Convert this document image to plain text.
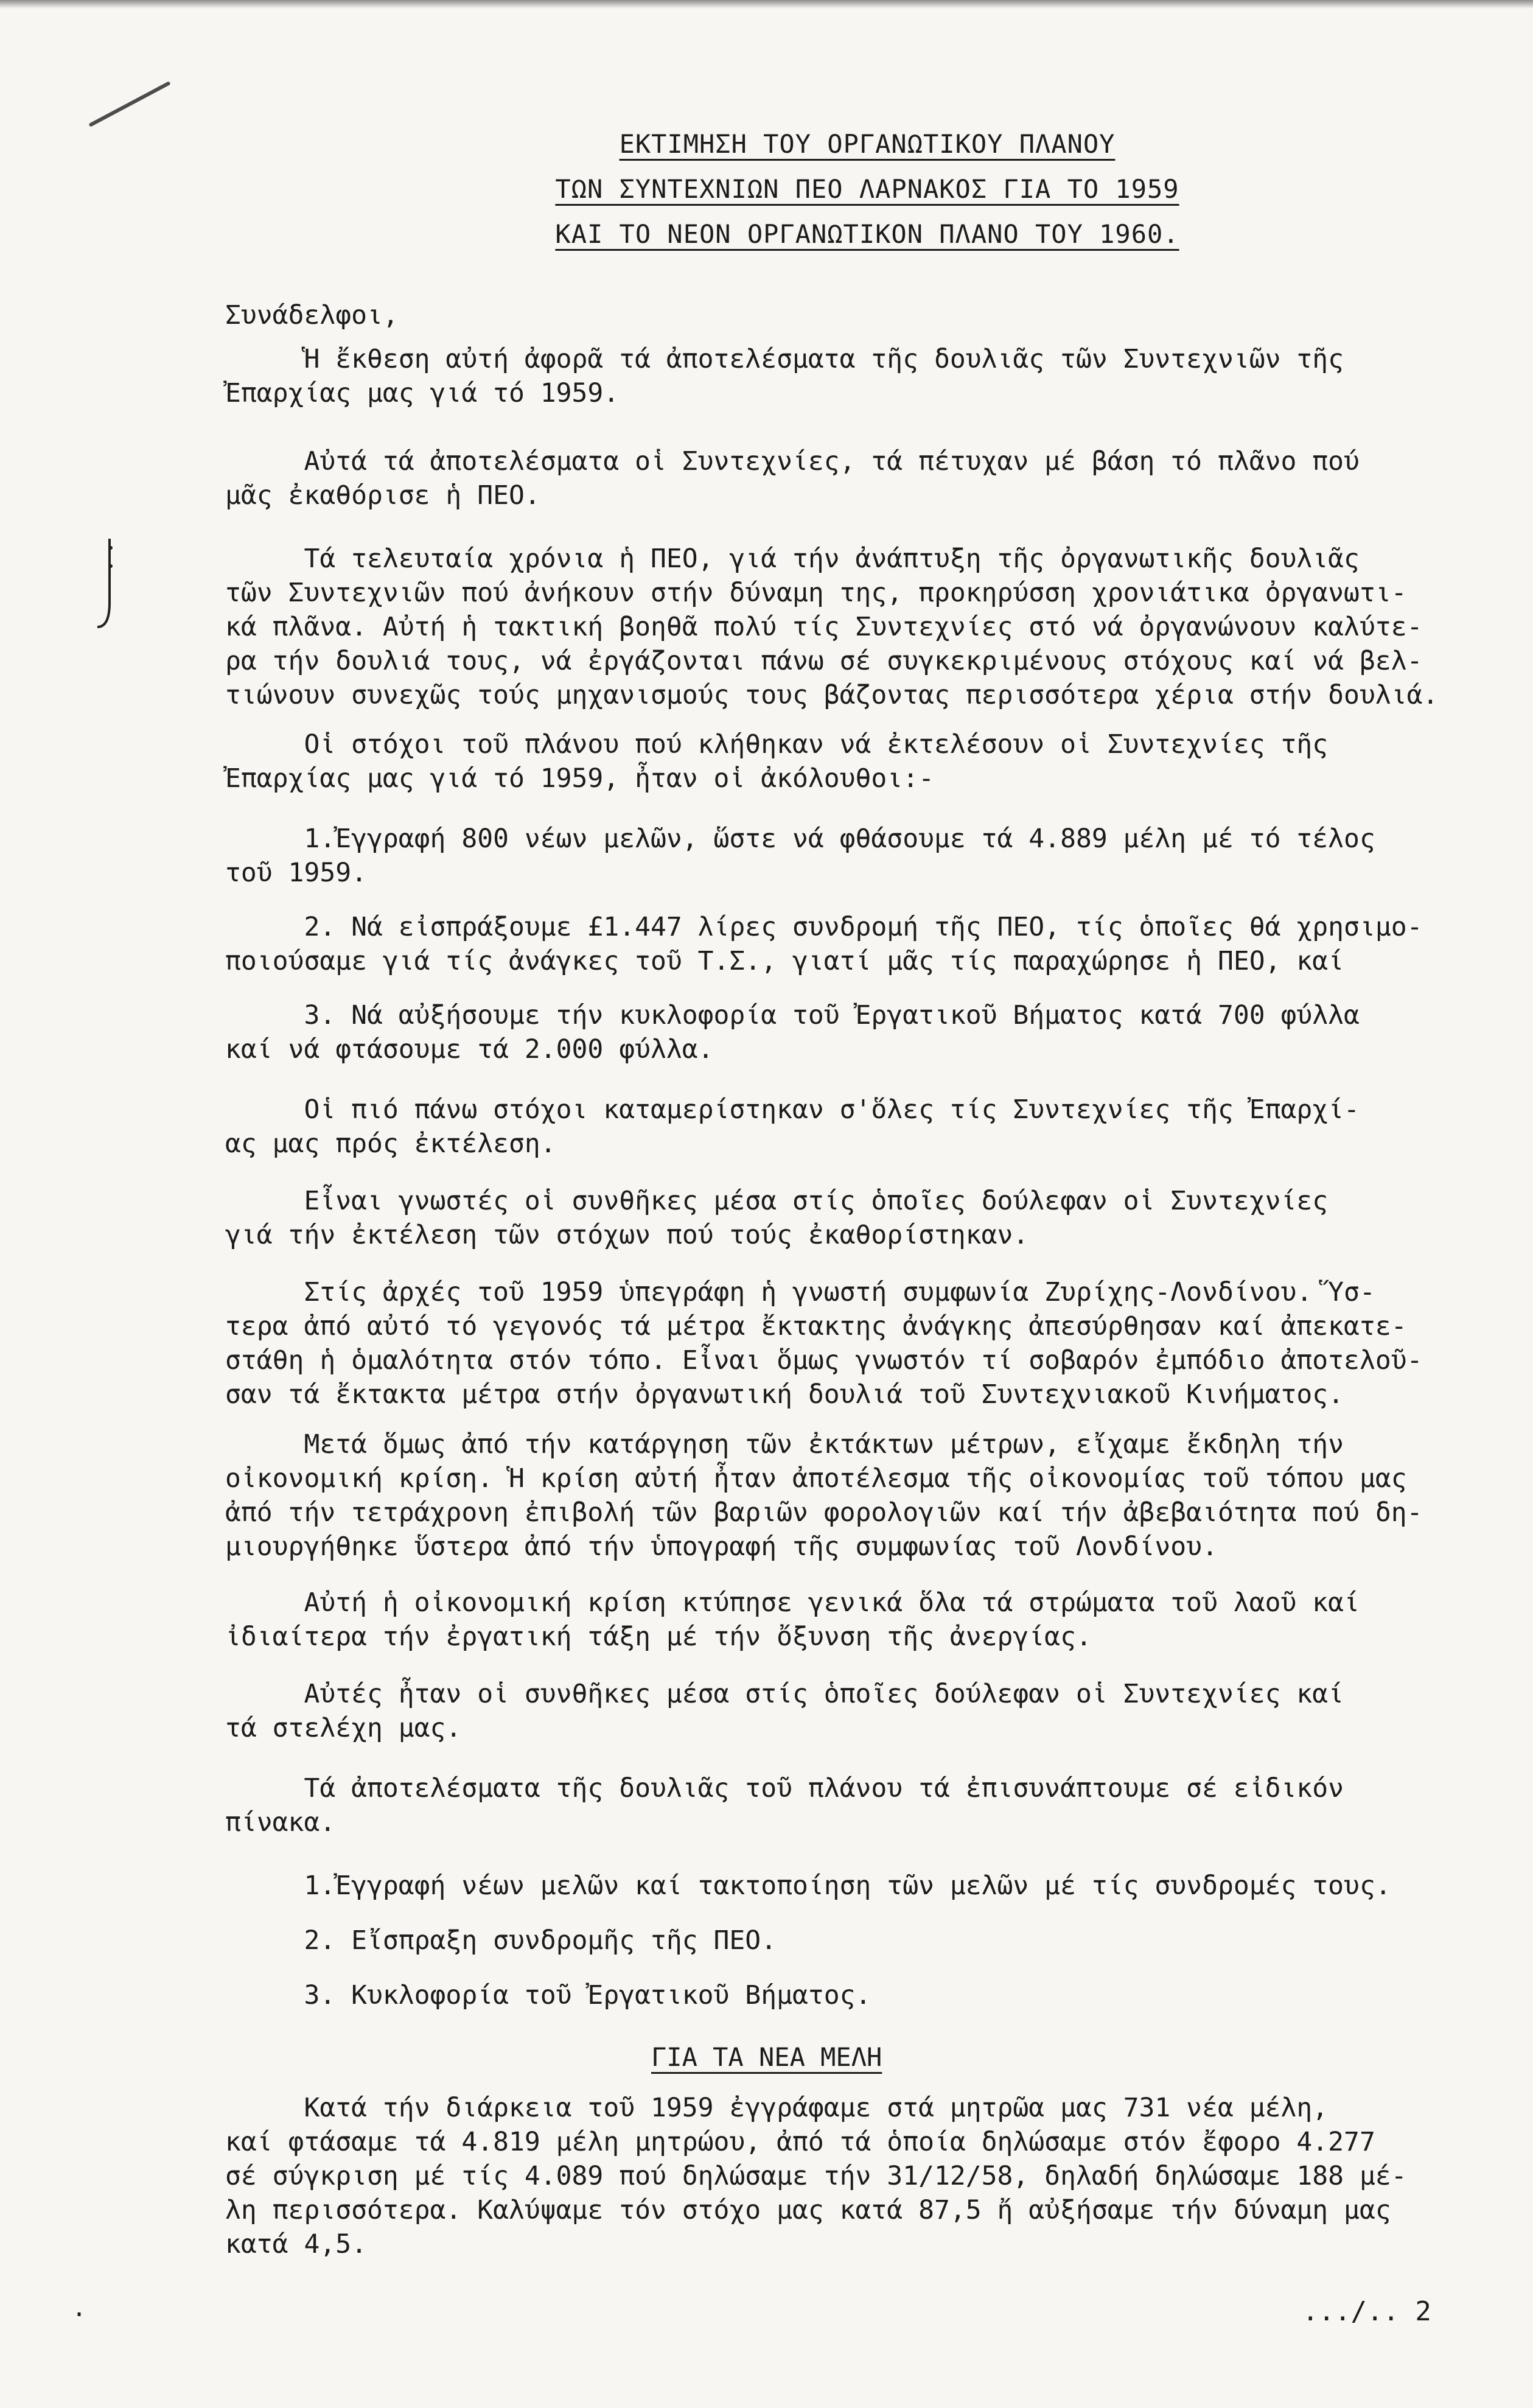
ΕΚΤΙΜΗΣΗ ΤΟΥ ΟΡΓΑΝΩΤΙΚΟΥ ΠΛΑΝΟΥ
ΤΩΝ ΣΥΝΤΕΧΝΙΩΝ ΠΕΟ ΛΑΡΝΑΚΟΣ ΓΙΑ ΤΟ 1959
ΚΑΙ ΤΟ ΝΕΟΝ ΟΡΓΑΝΩΤΙΚΟΝ ΠΛΑΝΟ ΤΟΥ 1960.
Συνάδελφοι,
Ἡ ἔκθεση αὐτή ἀφορᾶ τά ἀποτελέσματα τῆς δουλιᾶς τῶν Συντεχνιῶν τῆς
Ἐπαρχίας μας γιά τό 1959.
Αὐτά τά ἀποτελέσματα οἱ Συντεχνίες, τά πέτυχαν μέ βάση τό πλᾶνο πού
μᾶς ἐκαθόρισε ἡ ΠΕΟ.
Τά τελευταία χρόνια ἡ ΠΕΟ, γιά τήν ἀνάπτυξη τῆς ὀργανωτικῆς δουλιᾶς
τῶν Συντεχνιῶν πού ἀνήκουν στήν δύναμη της, προκηρύσση χρονιάτικα ὀργανωτι-
κά πλᾶνα. Αὐτή ἡ τακτική βοηθᾶ πολύ τίς Συντεχνίες στό νά ὀργανώνουν καλύτε-
ρα τήν δουλιά τους, νά ἐργάζονται πάνω σέ συγκεκριμένους στόχους καί νά βελ-
τιώνουν συνεχῶς τούς μηχανισμούς τους βάζοντας περισσότερα χέρια στήν δουλιά.
Οἱ στόχοι τοῦ πλάνου πού κλήθηκαν νά ἐκτελέσουν οἱ Συντεχνίες τῆς
Ἐπαρχίας μας γιά τό 1959, ἦταν οἱ ἀκόλουθοι:-
1.Ἐγγραφή 800 νέων μελῶν, ὥστε νά φθάσουμε τά 4.889 μέλη μέ τό τέλος
τοῦ 1959.
2. Νά εἰσπράξουμε £1.447 λίρες συνδρομή τῆς ΠΕΟ, τίς ὁποῖες θά χρησιμο-
ποιούσαμε γιά τίς ἀνάγκες τοῦ Τ.Σ., γιατί μᾶς τίς παραχώρησε ἡ ΠΕΟ, καί
3. Νά αὐξήσουμε τήν κυκλοφορία τοῦ Ἐργατικοῦ Βήματος κατά 700 φύλλα
καί νά φτάσουμε τά 2.000 φύλλα.
Οἱ πιό πάνω στόχοι καταμερίστηκαν σ'ὅλες τίς Συντεχνίες τῆς Ἐπαρχί-
ας μας πρός ἐκτέλεση.
Εἶναι γνωστές οἱ συνθῆκες μέσα στίς ὁποῖες δούλεφαν οἱ Συντεχνίες
γιά τήν ἐκτέλεση τῶν στόχων πού τούς ἐκαθορίστηκαν.
Στίς ἀρχές τοῦ 1959 ὑπεγράφη ἡ γνωστή συμφωνία Ζυρίχης-Λονδίνου. Ὕσ-
τερα ἀπό αὐτό τό γεγονός τά μέτρα ἔκτακτης ἀνάγκης ἀπεσύρθησαν καί ἀπεκατε-
στάθη ἡ ὁμαλότητα στόν τόπο. Εἶναι ὅμως γνωστόν τί σοβαρόν ἐμπόδιο ἀποτελοῦ-
σαν τά ἔκτακτα μέτρα στήν ὀργανωτική δουλιά τοῦ Συντεχνιακοῦ Κινήματος.
Μετά ὅμως ἀπό τήν κατάργηση τῶν ἐκτάκτων μέτρων, εἴχαμε ἔκδηλη τήν
οἰκονομική κρίση. Ἡ κρίση αὐτή ἦταν ἀποτέλεσμα τῆς οἰκονομίας τοῦ τόπου μας
ἀπό τήν τετράχρονη ἐπιβολή τῶν βαριῶν φορολογιῶν καί τήν ἀβεβαιότητα πού δη-
μιουργήθηκε ὕστερα ἀπό τήν ὑπογραφή τῆς συμφωνίας τοῦ Λονδίνου.
Αὐτή ἡ οἰκονομική κρίση κτύπησε γενικά ὅλα τά στρώματα τοῦ λαοῦ καί
ἰδιαίτερα τήν ἐργατική τάξη μέ τήν ὄξυνση τῆς ἀνεργίας.
Αὐτές ἦταν οἱ συνθῆκες μέσα στίς ὁποῖες δούλεφαν οἱ Συντεχνίες καί
τά στελέχη μας.
Τά ἀποτελέσματα τῆς δουλιᾶς τοῦ πλάνου τά ἐπισυνάπτουμε σέ εἰδικόν
πίνακα.
1.Ἐγγραφή νέων μελῶν καί τακτοποίηση τῶν μελῶν μέ τίς συνδρομές τους.
2. Εἴσπραξη συνδρομῆς τῆς ΠΕΟ.
3. Κυκλοφορία τοῦ Ἐργατικοῦ Βήματος.
Κατά τήν διάρκεια τοῦ 1959 ἐγγράφαμε στά μητρῶα μας 731 νέα μέλη,
καί φτάσαμε τά 4.819 μέλη μητρώου, ἀπό τά ὁποία δηλώσαμε στόν ἔφορο 4.277
σέ σύγκριση μέ τίς 4.089 πού δηλώσαμε τήν 31/12/58, δηλαδή δηλώσαμε 188 μέ-
λη περισσότερα. Καλύψαμε τόν στόχο μας κατά 87,5 ἤ αὐξήσαμε τήν δύναμη μας
κατά 4,5.
ΓΙΑ ΤΑ ΝΕΑ ΜΕΛΗ
·	.../.. 2
